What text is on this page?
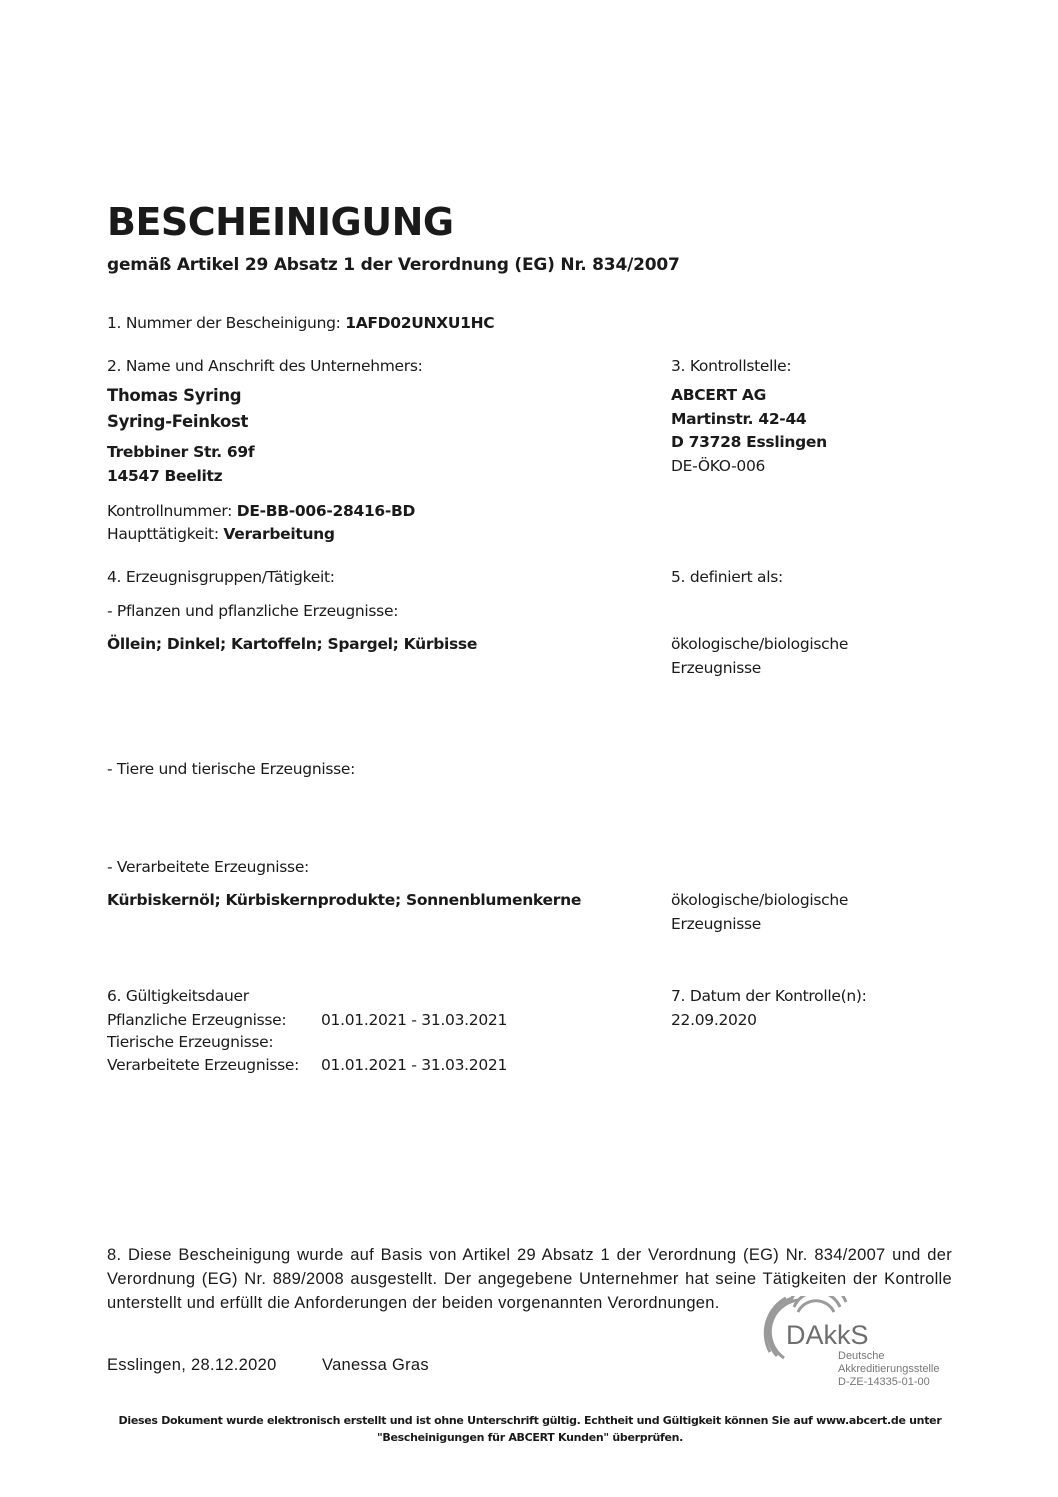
BESCHEINIGUNG
gemäß Artikel 29 Absatz 1 der Verordnung (EG) Nr. 834/2007
1. Nummer der Bescheinigung: 1AFD02UNXU1HC
2. Name und Anschrift des Unternehmers:
Thomas Syring
Syring-Feinkost
Trebbiner Str. 69f
14547 Beelitz
Kontrollnummer: DE-BB-006-28416-BD
Haupttätigkeit: Verarbeitung
3. Kontrollstelle:
ABCERT AG
Martinstr. 42-44
D 73728 Esslingen
DE-ÖKO-006
4. Erzeugnisgruppen/Tätigkeit:
- Pflanzen und pflanzliche Erzeugnisse:
Öllein; Dinkel; Kartoffeln; Spargel; Kürbisse
- Tiere und tierische Erzeugnisse:
- Verarbeitete Erzeugnisse:
Kürbiskernöl; Kürbiskernprodukte; Sonnenblumenkerne
5. definiert als:
ökologische/biologische
Erzeugnisse
ökologische/biologische
Erzeugnisse
6. Gültigkeitsdauer
Pflanzliche Erzeugnisse: 01.01.2021 - 31.03.2021
Tierische Erzeugnisse:
Verarbeitete Erzeugnisse: 01.01.2021 - 31.03.2021
7. Datum der Kontrolle(n):
22.09.2020
8. Diese Bescheinigung wurde auf Basis von Artikel 29 Absatz 1 der Verordnung (EG) Nr. 834/2007 und der Verordnung (EG) Nr. 889/2008 ausgestellt. Der angegebene Unternehmer hat seine Tätigkeiten der Kontrolle unterstellt und erfüllt die Anforderungen der beiden vorgenannten Verordnungen.
Esslingen, 28.12.2020	Vanessa Gras
DAkkS
Deutsche
Akkreditierungsstelle
D-ZE-14335-01-00
Dieses Dokument wurde elektronisch erstellt und ist ohne Unterschrift gültig. Echtheit und Gültigkeit können Sie auf www.abcert.de unter
"Bescheinigungen für ABCERT Kunden" überprüfen.
